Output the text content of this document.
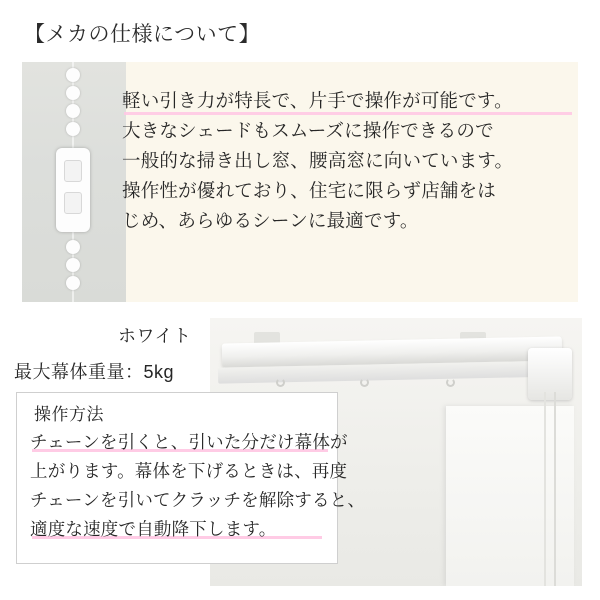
【メカの仕様について】

軽い引き力が特長で、片手で操作が可能です。

大きなシェードもスムーズに操作できるので

一般的な掃き出し窓、腰高窓に向いています。

操作性が優れており、住宅に限らず店舗をは

じめ、あらゆるシーンに最適です。

ホワイト
最大幕体重量：5kg
操作方法

チェーンを引くと、引いた分だけ幕体が

上がります。幕体を下げるときは、再度

チェーンを引いてクラッチを解除すると、

適度な速度で自動降下します。
